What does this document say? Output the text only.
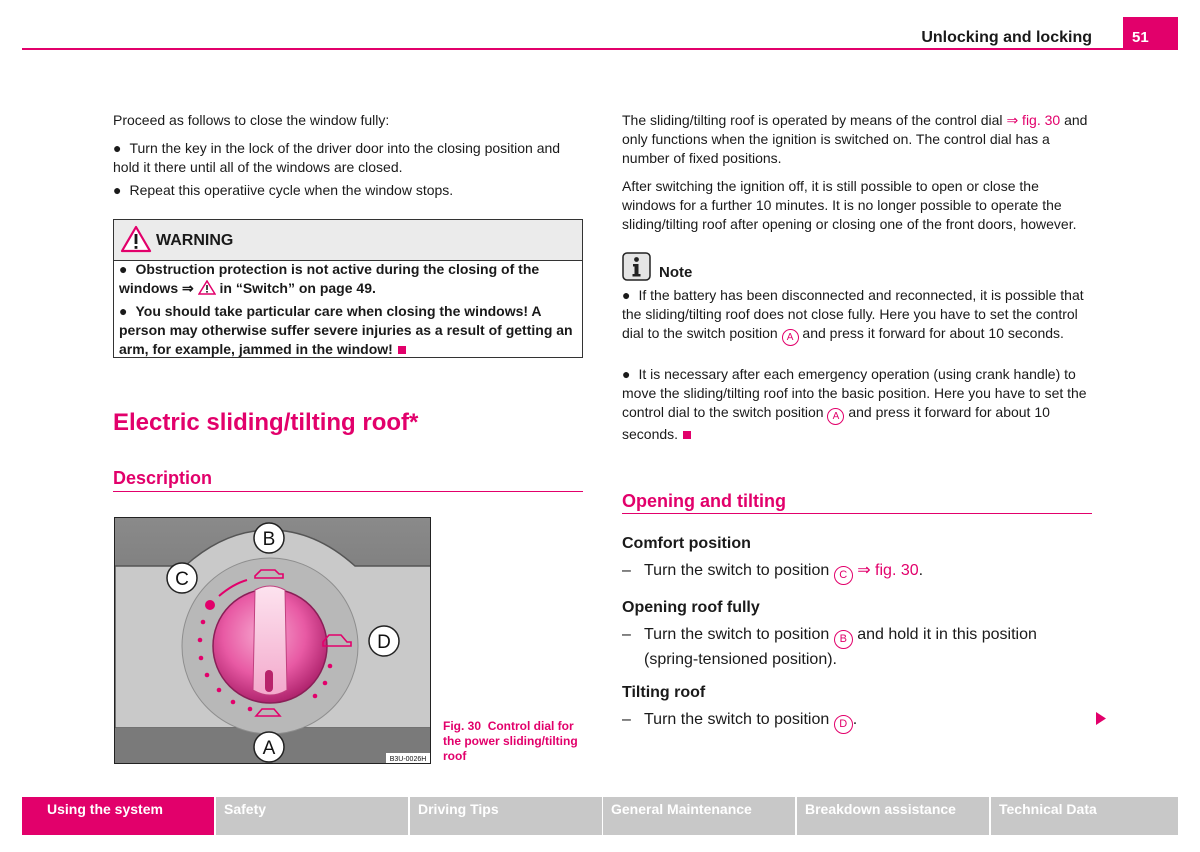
Unlocking and locking	51
Proceed as follows to close the window fully:
● Turn the key in the lock of the driver door into the closing position and hold it there until all of the windows are closed.
● Repeat this operatiive cycle when the window stops.
WARNING
● Obstruction protection is not active during the closing of the windows ⇒ in “Switch” on page 49.
● You should take particular care when closing the windows! A person may otherwise suffer severe injuries as a result of getting an arm, for example, jammed in the window!
Electric sliding/tilting roof*
Description
B
C
D
A
B3U-0026H
Fig. 30 Control dial for the power sliding/tilting roof
The sliding/tilting roof is operated by means of the control dial ⇒ fig. 30 and only functions when the ignition is switched on. The control dial has a number of fixed positions.
After switching the ignition off, it is still possible to open or close the windows for a further 10 minutes. It is no longer possible to operate the sliding/tilting roof after opening or closing one of the front doors, however.
Note
● If the battery has been disconnected and reconnected, it is possible that the sliding/tilting roof does not close fully. Here you have to set the control dial to the switch position A and press it forward for about 10 seconds.
● It is necessary after each emergency operation (using crank handle) to move the sliding/tilting roof into the basic position. Here you have to set the control dial to the switch position A and press it forward for about 10 seconds.
Opening and tilting
Comfort position
– Turn the switch to position C ⇒ fig. 30.
Opening roof fully
– Turn the switch to position B and hold it in this position (spring-tensioned position).
Tilting roof
– Turn the switch to position D .
Using the system	Safety	Driving Tips	General Maintenance	Breakdown assistance	Technical Data
